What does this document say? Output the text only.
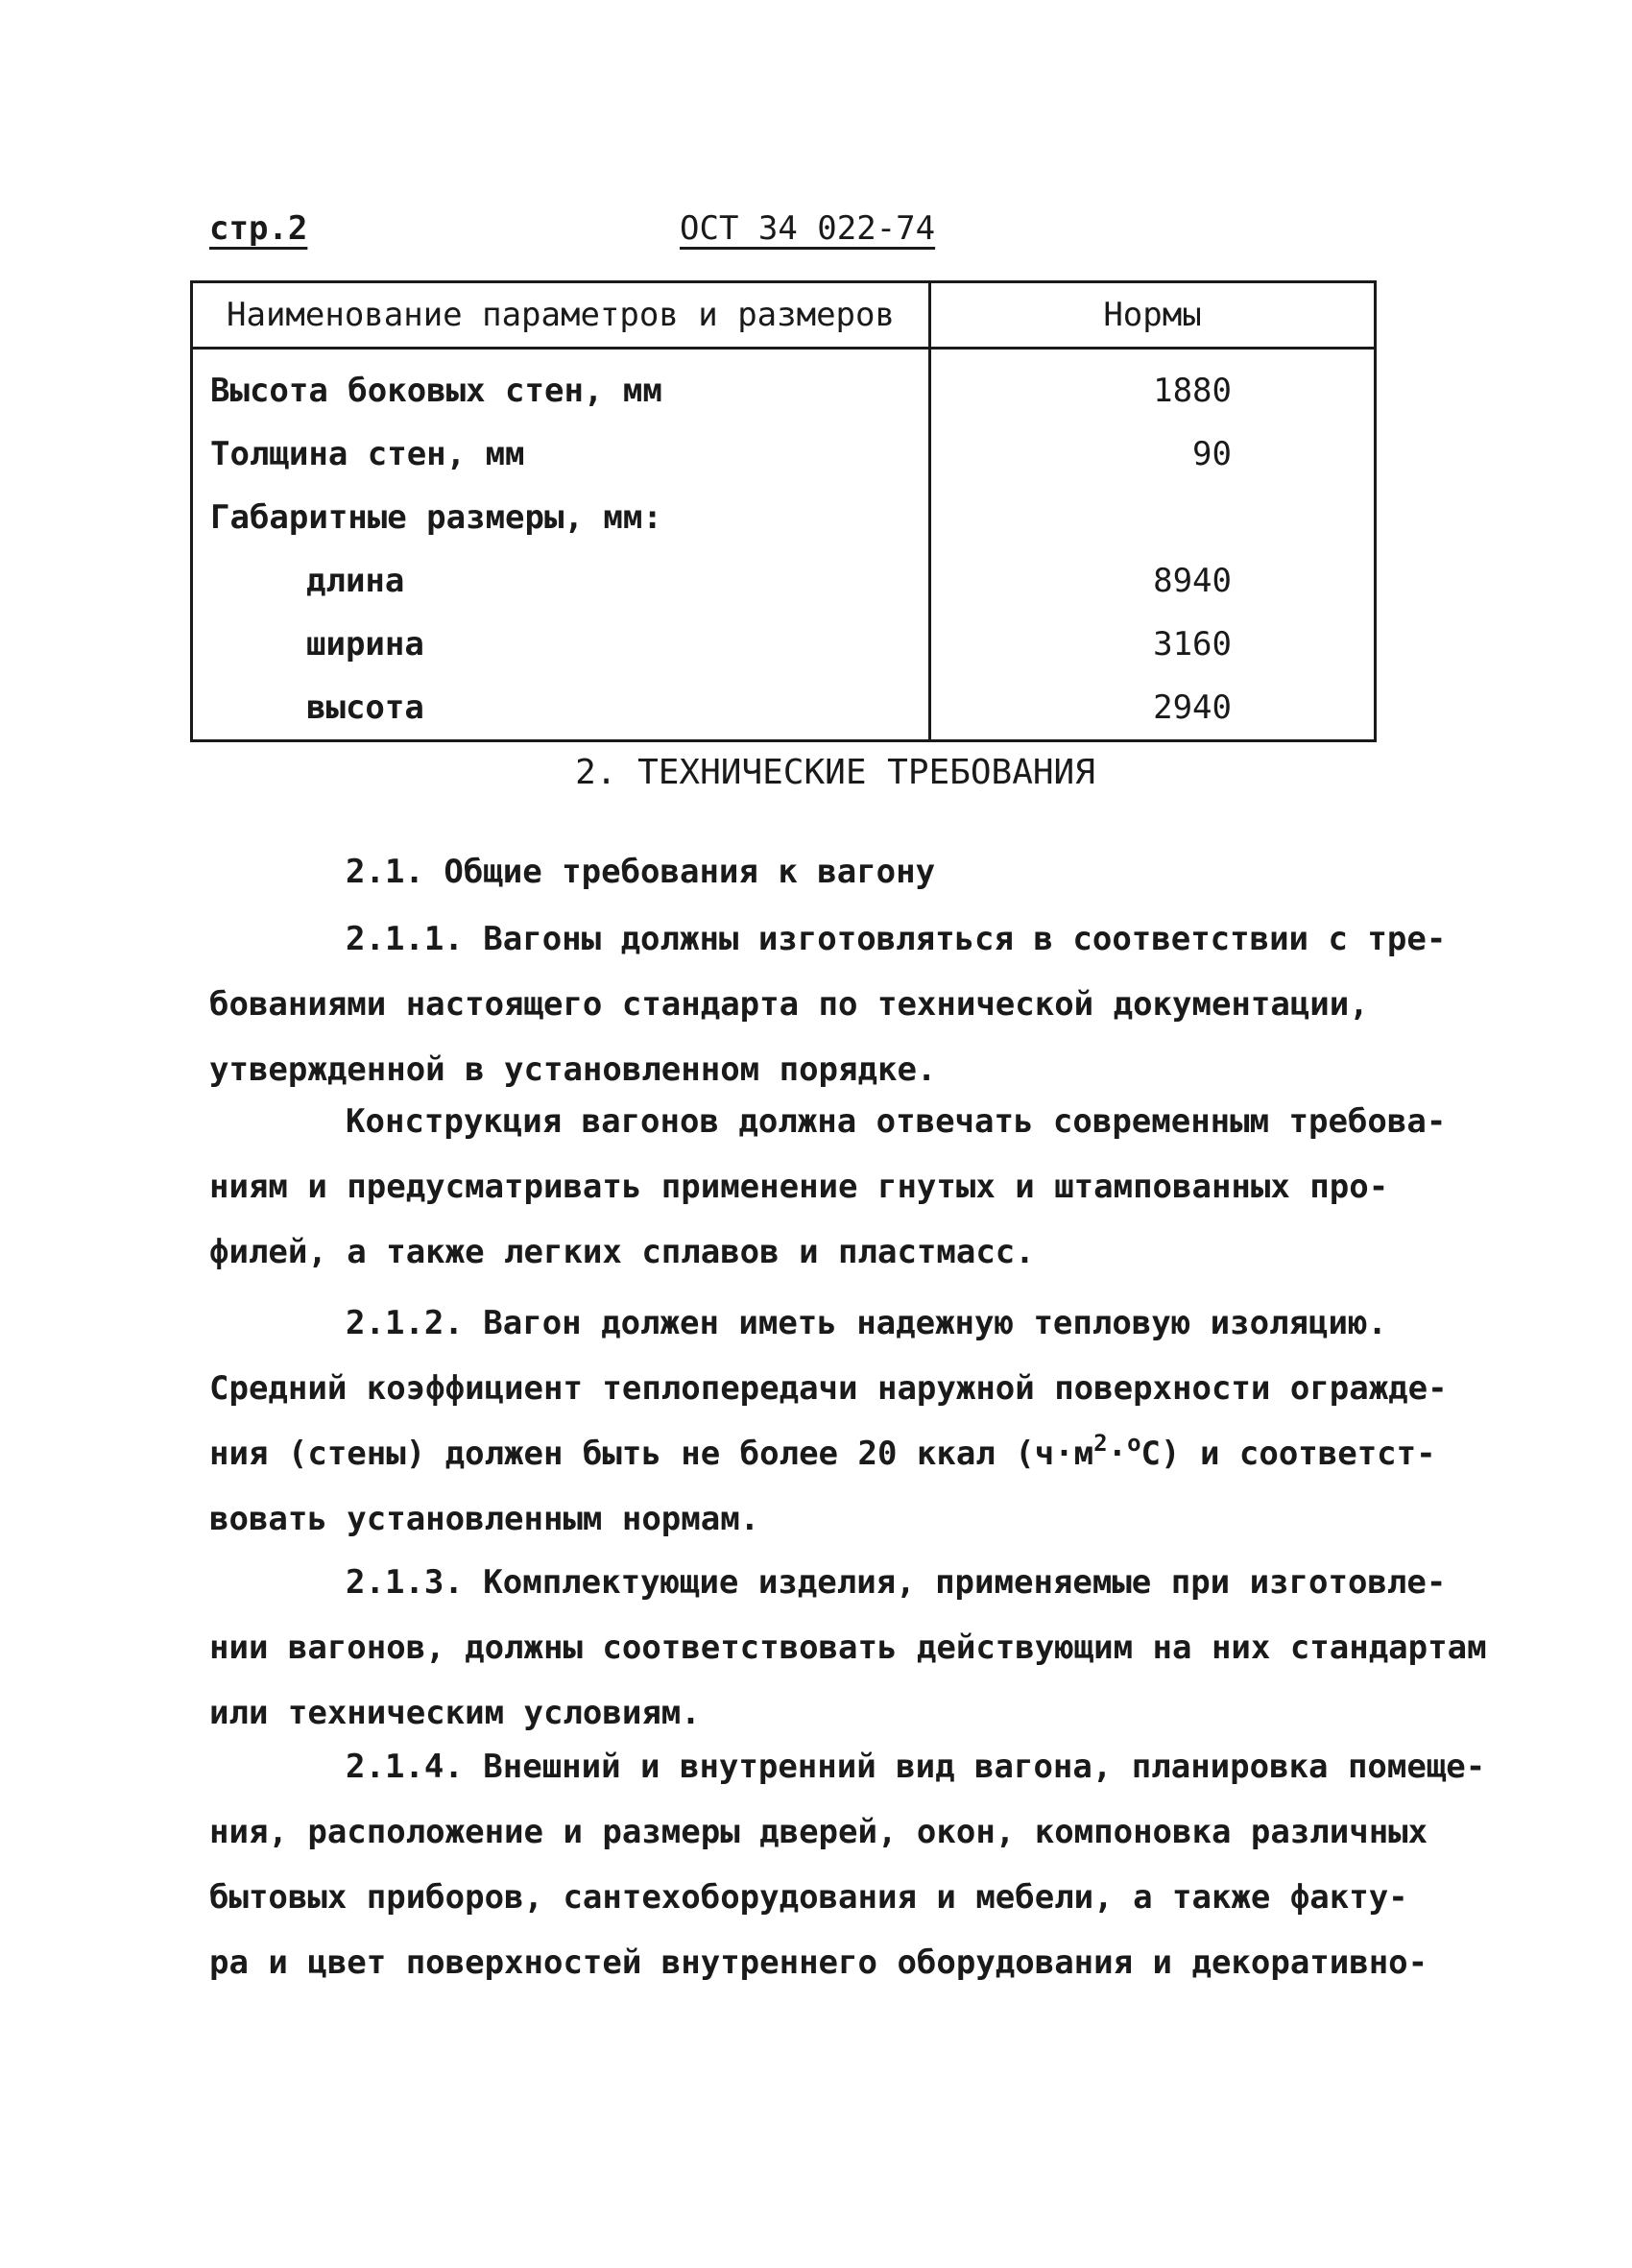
стр.2	ОСТ 34 022-74
Наименование параметров и размеров	Нормы
Высота боковых стен, мм	1880
Толщина стен, мм	90
Габаритные размеры, мм:	
длина	8940
ширина	3160
высота	2940
2. ТЕХНИЧЕСКИЕ ТРЕБОВАНИЯ
2.1. Общие требования к вагону
2.1.1. Вагоны должны изготовляться в соответствии с тре-
бованиями настоящего стандарта по технической документации,
утвержденной в установленном порядке.
Конструкция вагонов должна отвечать современным требова-
ниям и предусматривать применение гнутых и штампованных про-
филей, а также легких сплавов и пластмасс.
2.1.2. Вагон должен иметь надежную тепловую изоляцию.
Средний коэффициент теплопередачи наружной поверхности огражде-
ния (стены) должен быть не более 20 ккал $(ч\cdot м^2\cdot^oС)$ и соответст-
вовать установленным нормам.
2.1.3. Комплектующие изделия, применяемые при изготовле-
нии вагонов, должны соответствовать действующим на них стандартам
или техническим условиям.
2.1.4. Внешний и внутренний вид вагона, планировка помеще-
ния, расположение и размеры дверей, окон, компоновка различных
бытовых приборов, сантехоборудования и мебели, а также факту-
ра и цвет поверхностей внутреннего оборудования и декоративно-
